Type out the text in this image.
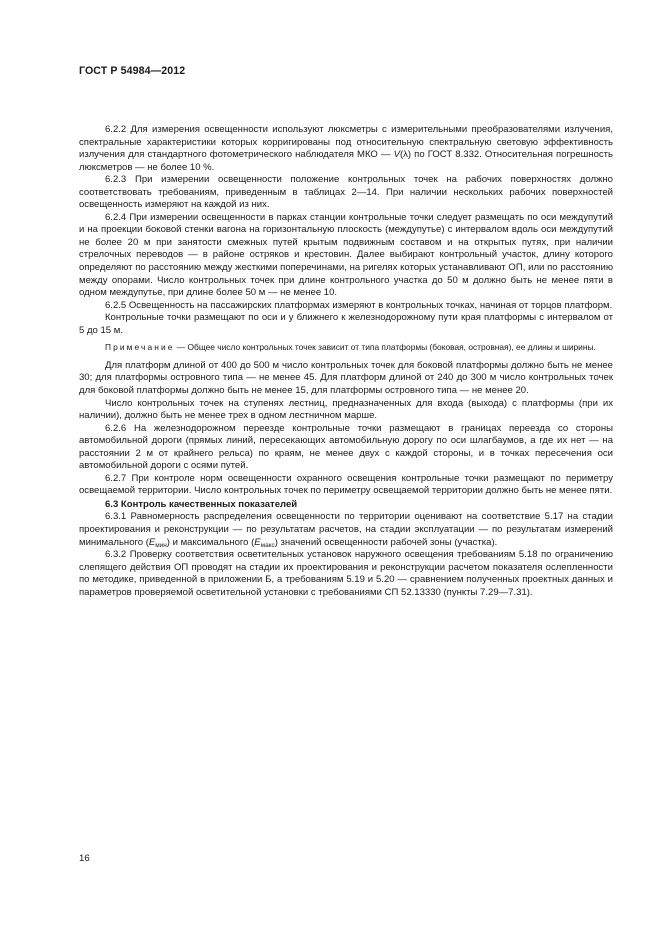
ГОСТ Р 54984—2012

6.2.2 Для измерения освещенности используют люксметры с измерительными преобразователями излучения, спектральные характеристики которых корригированы под относительную спектральную световую эффективность излучения для стандартного фотометрического наблюдателя МКО — V(λ) по ГОСТ 8.332. Относительная погрешность люксметров — не более 10 %.

6.2.3 При измерении освещенности положение контрольных точек на рабочих поверхностях должно соответствовать требованиям, приведенным в таблицах 2—14. При наличии нескольких рабочих поверхностей освещенность измеряют на каждой из них.

6.2.4 При измерении освещенности в парках станции контрольные точки следует размещать по оси междупутий и на проекции боковой стенки вагона на горизонтальную плоскость (междупутье) с интервалом вдоль оси междупутий не более 20 м при занятости смежных путей крытым подвижным составом и на открытых путях, при наличии стрелочных переводов — в районе остряков и крестовин. Далее выбирают контрольный участок, длину которого определяют по расстоянию между жесткими поперечинами, на ригелях которых устанавливают ОП, или по расстоянию между опорами. Число контрольных точек при длине контрольного участка до 50 м должно быть не менее пяти в одном междупутье, при длине более 50 м — не менее 10.

6.2.5 Освещенность на пассажирских платформах измеряют в контрольных точках, начиная от торцов платформ.

Контрольные точки размещают по оси и у ближнего к железнодорожному пути края платформы с интервалом от 5 до 15 м.

Примечание — Общее число контрольных точек зависит от типа платформы (боковая, островная), ее длины и ширины.

Для платформ длиной от 400 до 500 м число контрольных точек для боковой платформы должно быть не менее 30; для платформы островного типа — не менее 45. Для платформ длиной от 240 до 300 м число контрольных точек для боковой платформы должно быть не менее 15, для платформы островного типа — не менее 20.

Число контрольных точек на ступенях лестниц, предназначенных для входа (выхода) с платформы (при их наличии), должно быть не менее трех в одном лестничном марше.

6.2.6 На железнодорожном переезде контрольные точки размещают в границах переезда со стороны автомобильной дороги (прямых линий, пересекающих автомобильную дорогу по оси шлагбаумов, а где их нет — на расстоянии 2 м от крайнего рельса) по краям, не менее двух с каждой стороны, и в точках пересечения оси автомобильной дороги с осями путей.

6.2.7 При контроле норм освещенности охранного освещения контрольные точки размещают по периметру освещаемой территории. Число контрольных точек по периметру освещаемой территории должно быть не менее пяти.

6.3 Контроль качественных показателей

6.3.1 Равномерность распределения освещенности по территории оценивают на соответствие 5.17 на стадии проектирования и реконструкции — по результатам расчетов, на стадии эксплуатации — по результатам измерений минимального $(E_{мин})$ и максимального $(E_{макс})$ значений освещенности рабочей зоны (участка).

6.3.2 Проверку соответствия осветительных установок наружного освещения требованиям 5.18 по ограничению слепящего действия ОП проводят на стадии их проектирования и реконструкции расчетом показателя ослепленности по методике, приведенной в приложении Б, а требованиям 5.19 и 5.20 — сравнением полученных проектных данных и параметров проверяемой осветительной установки с требованиями СП 52.13330 (пункты 7.29—7.31).

16
